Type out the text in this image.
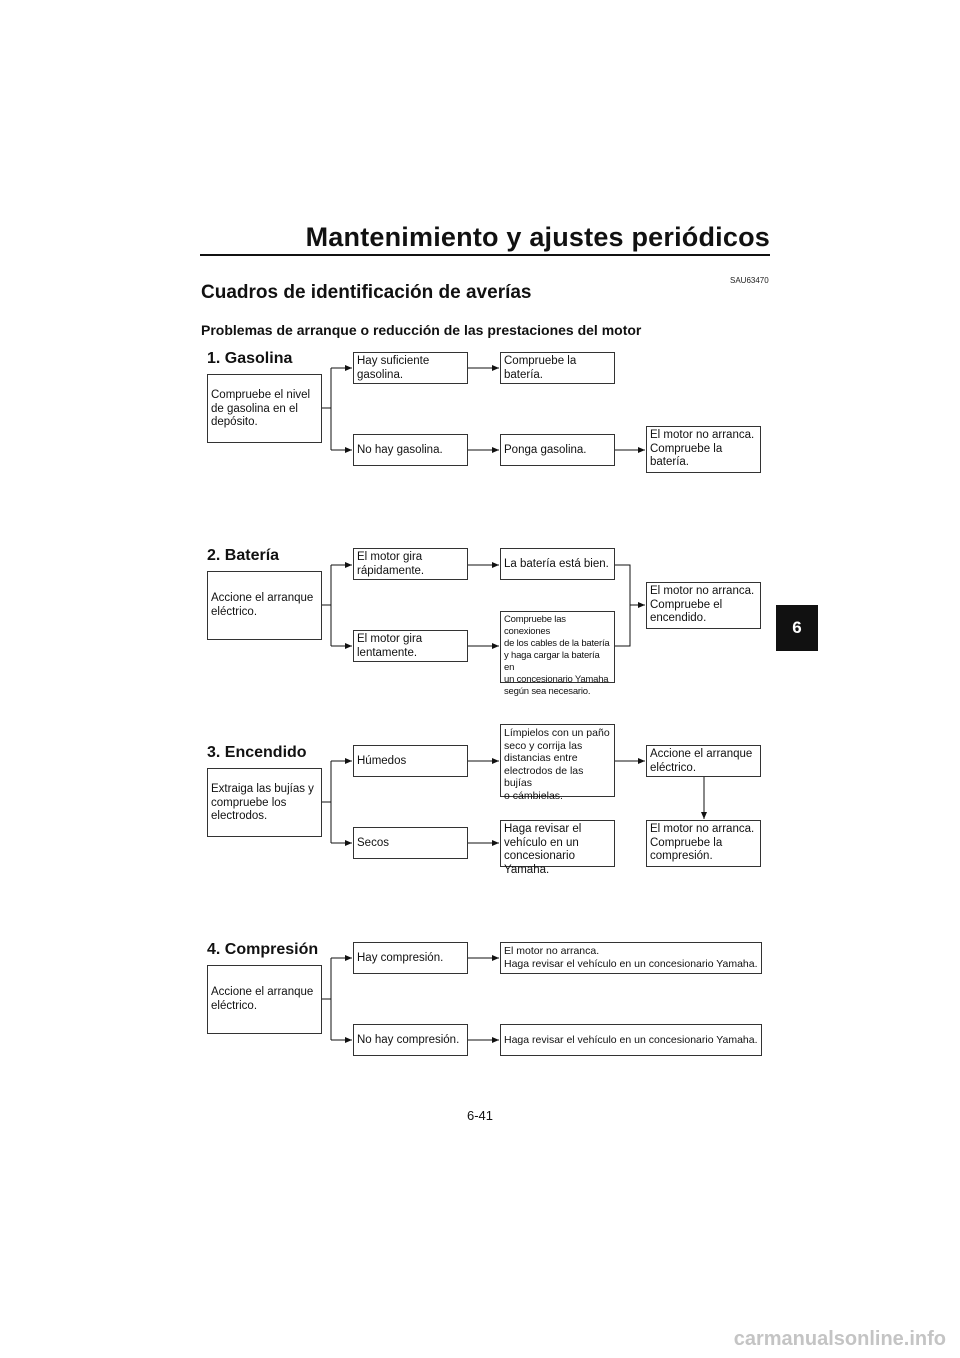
Mantenimiento y ajustes periódicos
SAU63470
Cuadros de identificación de averías
Problemas de arranque o reducción de las prestaciones del motor
1. Gasolina
Compruebe el nivel
de gasolina en el
depósito.
Hay suficiente
gasolina.
No hay gasolina.
Compruebe la
batería.
Ponga gasolina.
El motor no arranca.
Compruebe la
batería.
2. Batería
Accione el arranque
eléctrico.
El motor gira
rápidamente.
El motor gira
lentamente.
La batería está bien.
Compruebe las conexiones
de los cables de la batería
y haga cargar la batería en
un concesionario Yamaha
según sea necesario.
El motor no arranca.
Compruebe el
encendido.
3. Encendido
Extraiga las bujías y
compruebe los
electrodos.
Húmedos
Secos
Límpielos con un paño
seco y corrija las
distancias entre
electrodos de las bujías
o cámbielas.
Haga revisar el
vehículo en un
concesionario Yamaha.
Accione el arranque
eléctrico.
El motor no arranca.
Compruebe la
compresión.
4. Compresión
Accione el arranque
eléctrico.
Hay compresión.
No hay compresión.
El motor no arranca.
Haga revisar el vehículo en un concesionario Yamaha.
Haga revisar el vehículo en un concesionario Yamaha.
6
6-41
carmanualsonline.info
